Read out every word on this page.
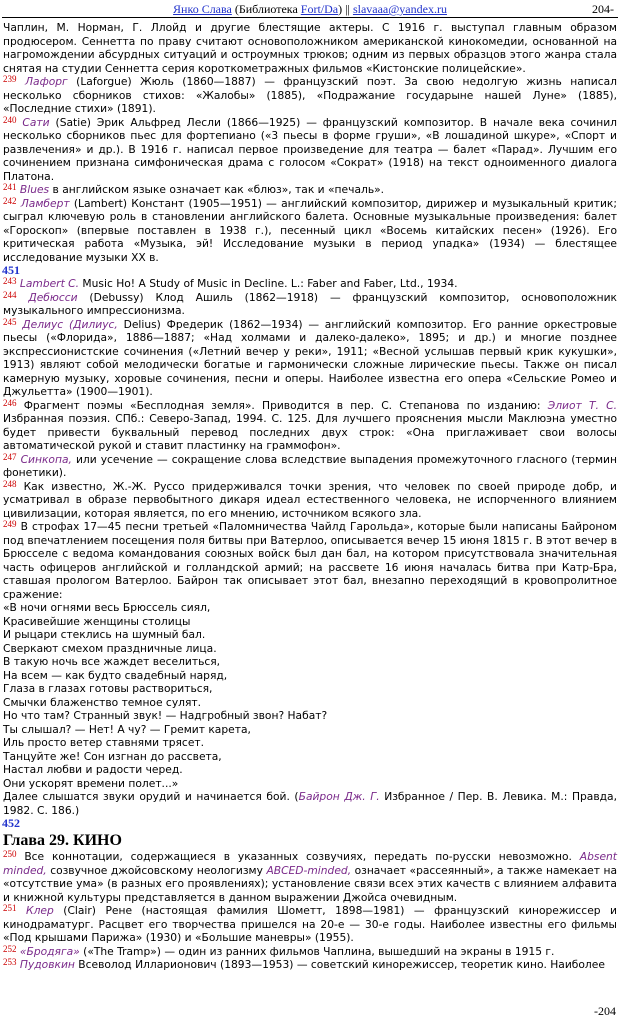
Янко Слава (Библиотека Fort/Da) || slavaaa@yandex.ru	204-
Чаплин, М. Норман, Г. Ллойд и другие блестящие актеры. С 1916 г. выступал главным образом продюсером. Сеннетта по праву считают основоположником американской кинокомедии, основанной на нагромождении абсурдных ситуаций и остроумных трюков; одним из первых образцов этого жанра стала снятая на студии Сеннетта серия короткометражных фильмов «Кистонские полицейские».
$^{239}$ Лафорг (Laforgue) Жюль (1860—1887) — французский поэт. За свою недолгую жизнь написал несколько сборников стихов: «Жалобы» (1885), «Подражание государыне нашей Луне» (1885), «Последние стихи» (1891).
$^{240}$ Сати (Satie) Эрик Альфред Лесли (1866—1925) — французский композитор. В начале века сочинил несколько сборников пьес для фортепиано («3 пьесы в форме груши», «В лошадиной шкуре», «Спорт и развлечения» и др.). В 1916 г. написал первое произведение для театра — балет «Парад». Лучшим его сочинением признана симфоническая драма с голосом «Сократ» (1918) на текст одноименного диалога Платона.
$^{241}$ Blues в английском языке означает как «блюз», так и «печаль».
$^{242}$ Ламберт (Lambert) Констант (1905—1951) — английский композитор, дирижер и музыкальный критик; сыграл ключевую роль в становлении английского балета. Основные музыкальные произведения: балет «Гороскоп» (впервые поставлен в 1938 г.), песенный цикл «Восемь китайских песен» (1926). Его критическая работа «Музыка, эй! Исследование музыки в период упадка» (1934) — блестящее исследование музыки XX в.
451
$^{243}$ Lambert C. Music Ho! A Study of Music in Decline. L.: Faber and Faber, Ltd., 1934.
$^{244}$ Дебюсси (Debussy) Клод Ашиль (1862—1918) — французский композитор, основоположник музыкального импрессионизма.
$^{245}$ Делиус (Дилиус, Delius) Фредерик (1862—1934) — английский композитор. Его ранние оркестровые пьесы («Флорида», 1886—1887; «Над холмами и далеко-далеко», 1895; и др.) и многие позднее экспрессионистские сочинения («Летний вечер у реки», 1911; «Весной услышав первый крик кукушки», 1913) являют собой мелодически богатые и гармонически сложные лирические пьесы. Также он писал камерную музыку, хоровые сочинения, песни и оперы. Наиболее известна его опера «Сельские Ромео и Джульетта» (1900—1901).
$^{246}$ Фрагмент поэмы «Бесплодная земля». Приводится в пер. С. Степанова по изданию: Элиот Т. С. Избранная поэзия. СПб.: Северо-Запад, 1994. С. 125. Для лучшего прояснения мысли Маклюэна уместно будет привести буквальный перевод последних двух строк: «Она приглаживает свои волосы автоматической рукой и ставит пластинку на граммофон».
$^{247}$ Синкопа, или усечение — сокращение слова вследствие выпадения промежуточного гласного (термин фонетики).
$^{248}$ Как известно, Ж.-Ж. Руссо придерживался точки зрения, что человек по своей природе добр, и усматривал в образе первобытного дикаря идеал естественного человека, не испорченного влиянием цивилизации, которая является, по его мнению, источником всякого зла.
$^{249}$ В строфах 17—45 песни третьей «Паломничества Чайлд Гарольда», которые были написаны Байроном под впечатлением посещения поля битвы при Ватерлоо, описывается вечер 15 июня 1815 г. В этот вечер в Брюсселе с ведома командования союзных войск был дан бал, на котором присутствовала значительная часть офицеров английской и голландской армий; на рассвете 16 июня началась битва при Катр-Бра, ставшая прологом Ватерлоо. Байрон так описывает этот бал, внезапно переходящий в кровопролитное сражение:
«В ночи огнями весь Брюссель сиял,
Красивейшие женщины столицы
И рыцари стеклись на шумный бал.
Сверкают смехом праздничные лица.
В такую ночь все жаждет веселиться,
На всем — как будто свадебный наряд,
Глаза в глазах готовы раствориться,
Смычки блаженство темное сулят.
Но что там? Странный звук! — Надгробный звон? Набат?
Ты слышал? — Нет! А чу? — Гремит карета,
Иль просто ветер ставнями трясет.
Танцуйте же! Сон изгнан до рассвета,
Настал любви и радости черед.
Они ускорят времени полет...»
Далее слышатся звуки орудий и начинается бой. (Байрон Дж. Г. Избранное / Пер. В. Левика. М.: Правда, 1982. С. 186.)
452
Глава 29. КИНО
$^{250}$ Все коннотации, содержащиеся в указанных созвучиях, передать по-русски невозможно. Absent minded, созвучное джойсовскому неологизму ABCED-minded, означает «рассеянный», а также намекает на «отсутствие ума» (в разных его проявлениях); установление связи всех этих качеств с влиянием алфавита и книжной культуры представляется в данном выражении Джойса очевидным.
$^{251}$ Клер (Clair) Рене (настоящая фамилия Шометт, 1898—1981) — французский кинорежиссер и кинодраматург. Расцвет его творчества пришелся на 20-е — 30-е годы. Наиболее известны его фильмы «Под крышами Парижа» (1930) и «Большие маневры» (1955).
$^{252}$ «Бродяга» («The Tramp») — один из ранних фильмов Чаплина, вышедший на экраны в 1915 г.
$^{253}$ Пудовкин Всеволод Илларионович (1893—1953) — советский кинорежиссер, теоретик кино. Наиболее
-204
